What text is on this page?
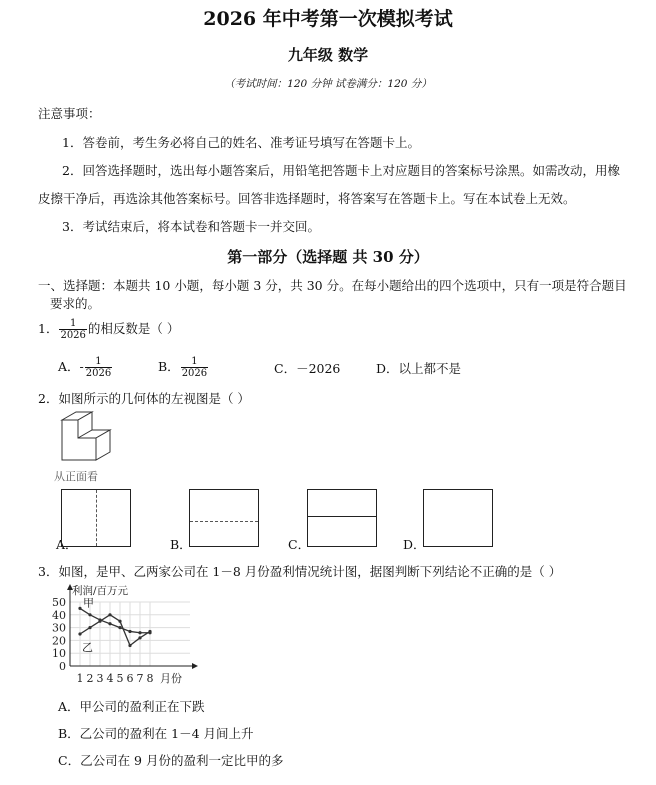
2026 年中考第一次模拟考试
九年级 数学
（考试时间：120 分钟 试卷满分：120 分）
注意事项：
1．答卷前，考生务必将自己的姓名、准考证号填写在答题卡上。
2．回答选择题时，选出每小题答案后，用铅笔把答题卡上对应题目的答案标号涂黑。如需改动，用橡
皮擦干净后，再选涂其他答案标号。回答非选择题时，将答案写在答题卡上。写在本试卷上无效。
3．考试结束后，将本试卷和答题卡一并交回。
第一部分（选择题 共 30 分）
一、选择题：本题共 10 小题，每小题 3 分，共 30 分。在每小题给出的四个选项中，只有一项是符合题目
要求的。
1． $\frac{1}{2026}$ 的相反数是（ ）
A．- $\frac{1}{2026}$	B． $\frac{1}{2026}$	C．－2026	D．以上都不是
2．如图所示的几何体的左视图是（ ）
从正面看
A．	B．	C．	D．
3．如图，是甲、乙两家公司在 1－8 月份盈利情况统计图，据图判断下列结论不正确的是（ ）
0
10
20
30
40
50
1 2 3 4 5 6 7 8
利润/百万元
月份
甲
乙
A．甲公司的盈利正在下跌
B．乙公司的盈利在 1－4 月间上升
C．乙公司在 9 月份的盈利一定比甲的多
